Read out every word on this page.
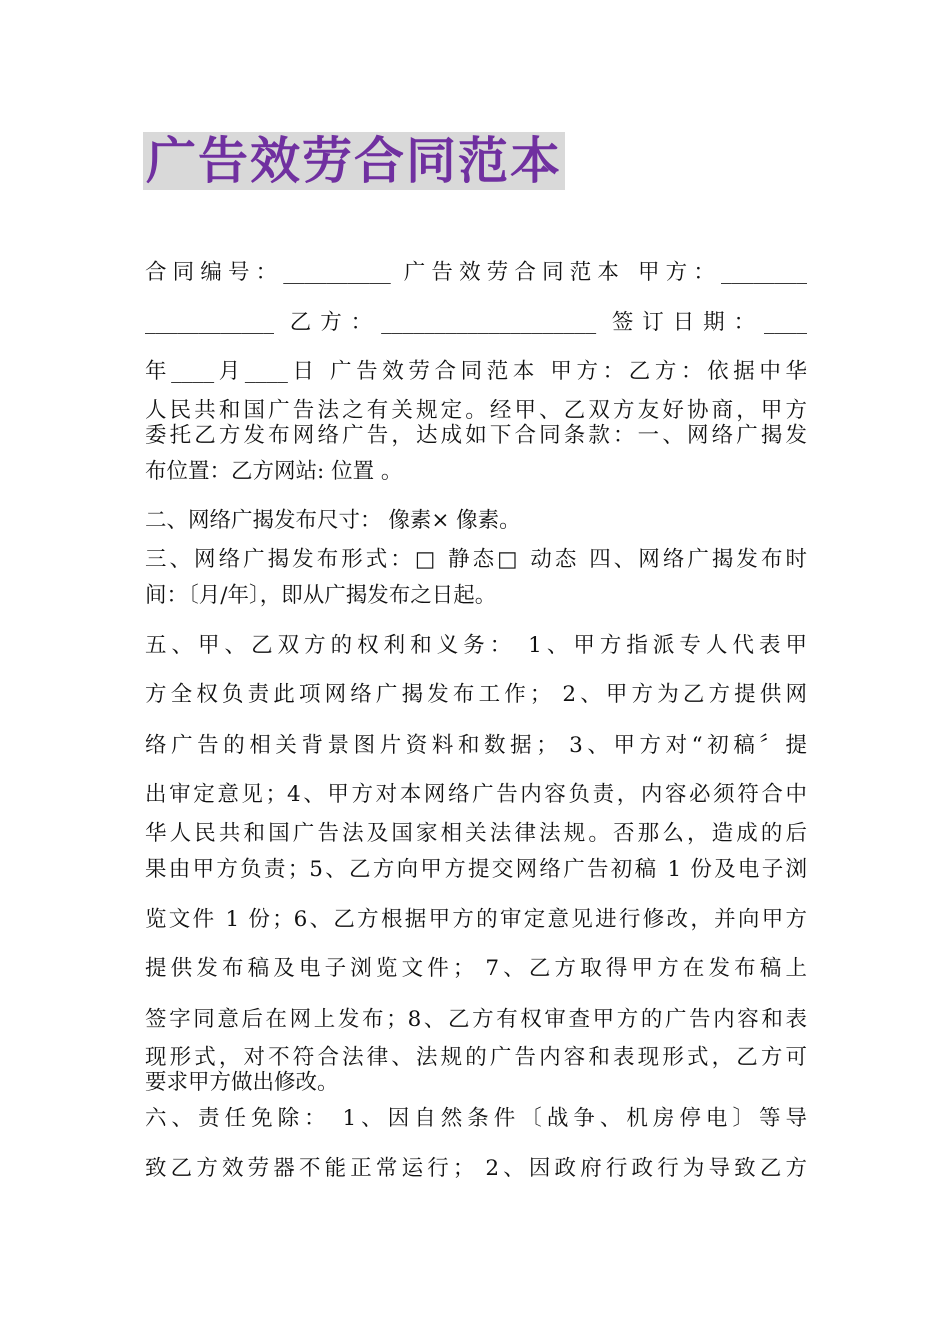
广告效劳合同范本
合同编号：__________ 广告效劳合同范本 甲方：________
____________ 乙方：____________________ 签订日期：____
年____月____日 广告效劳合同范本 甲方：乙方：依据中华
人民共和国广告法之有关规定。经甲、乙双方友好协商，甲方
委托乙方发布网络广告，达成如下合同条款：一、网络广揭发
布位置：乙方网站: 位置 。
二、网络广揭发布尺寸： 像素× 像素。
三、网络广揭发布形式：□ 静态□ 动态 四、网络广揭发布时
间：〔月/年〕，即从广揭发布之日起。
五、甲、乙双方的权利和义务： 1、甲方指派专人代表甲
方全权负责此项网络广揭发布工作； 2、甲方为乙方提供网
络广告的相关背景图片资料和数据； 3、甲方对“初稿〞提
出审定意见；4、甲方对本网络广告内容负责，内容必须符合中
华人民共和国广告法及国家相关法律法规。否那么，造成的后
果由甲方负责；5、乙方向甲方提交网络广告初稿 1 份及电子浏
览文件 1 份；6、乙方根据甲方的审定意见进行修改，并向甲方
提供发布稿及电子浏览文件； 7、乙方取得甲方在发布稿上
签字同意后在网上发布；8、乙方有权审查甲方的广告内容和表
现形式，对不符合法律、法规的广告内容和表现形式，乙方可
要求甲方做出修改。
六、责任免除： 1、因自然条件〔战争、机房停电〕等导
致乙方效劳器不能正常运行； 2、因政府行政行为导致乙方
